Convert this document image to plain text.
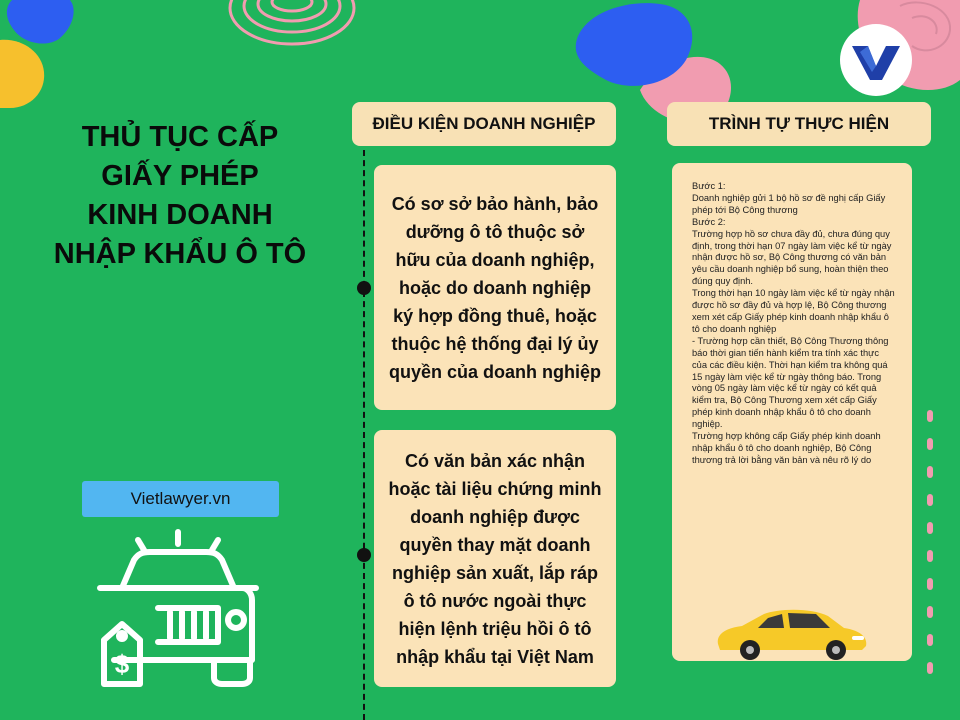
THỦ TỤC CẤP
GIẤY PHÉP
KINH DOANH
NHẬP KHẨU Ô TÔ
ĐIỀU KIỆN DOANH NGHIỆP	TRÌNH TỰ THỰC HIỆN
Có sơ sở bảo hành, bảo dưỡng ô tô thuộc sở hữu của doanh nghiệp, hoặc do doanh nghiệp ký hợp đồng thuê, hoặc thuộc hệ thống đại lý ủy quyền của doanh nghiệp
Có văn bản xác nhận hoặc tài liệu chứng minh doanh nghiệp được quyền thay mặt doanh nghiệp sản xuất, lắp ráp ô tô nước ngoài thực hiện lệnh triệu hồi ô tô nhập khẩu tại Việt Nam

Bước 1:

Doanh nghiệp gửi 1 bộ hồ sơ đề nghị cấp Giấy phép tới Bộ Công thương

Bước 2:

Trường hợp hồ sơ chưa đầy đủ, chưa đúng quy định, trong thời hạn 07 ngày làm việc kể từ ngày nhận được hồ sơ, Bộ Công thương có văn bản yêu cầu doanh nghiệp bổ sung, hoàn thiện theo đúng quy định.

Trong thời hạn 10 ngày làm việc kể từ ngày nhận được hồ sơ đầy đủ và hợp lệ, Bộ Công thương xem xét cấp Giấy phép kinh doanh nhập khẩu ô tô cho doanh nghiệp

- Trường hợp cần thiết, Bộ Công Thương thông báo thời gian tiến hành kiểm tra tính xác thực của các điều kiện. Thời hạn kiểm tra không quá 15 ngày làm việc kể từ ngày thông báo. Trong vòng 05 ngày làm việc kể từ ngày có kết quả kiểm tra, Bộ Công Thương xem xét cấp Giấy phép kinh doanh nhập khẩu ô tô cho doanh nghiệp.

Trường hợp không cấp Giấy phép kinh doanh nhập khẩu ô tô cho doanh nghiệp, Bộ Công thương trả lời bằng văn bản và nêu rõ lý do

Vietlawyer.vn
$
